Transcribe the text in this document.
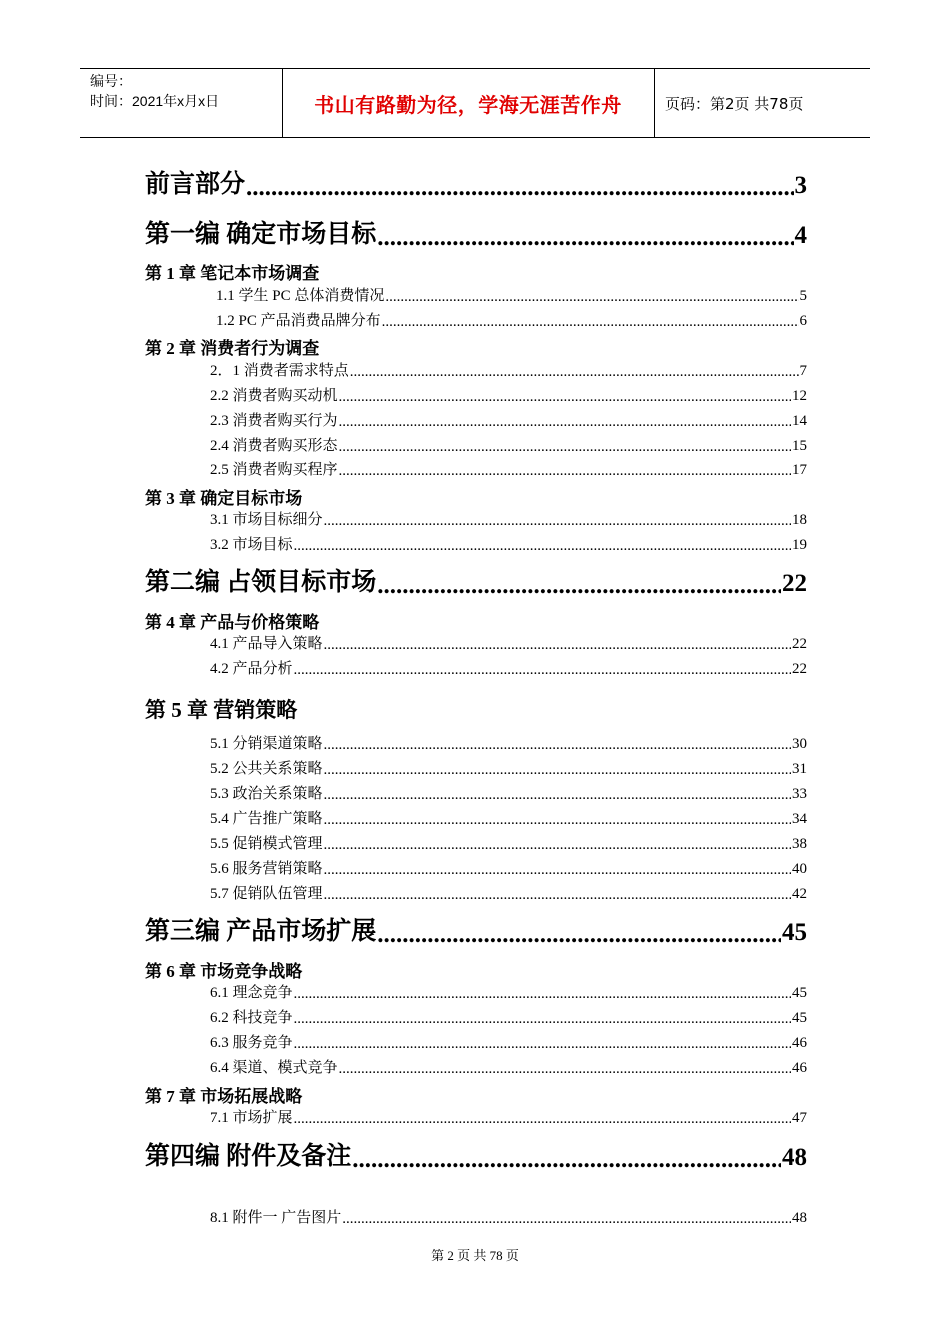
编号：
时间：2021年x月x日	书山有路勤为径，学海无涯苦作舟	页码：第2页 共78页
前言部分 .....	3
第一编 确定市场目标 .....	4
第 1 章 笔记本市场调查
1.1 学生 PC 总体消费情况 .....	5
1.2 PC 产品消费品牌分布 .....	6
第 2 章 消费者行为调查
2．1 消费者需求特点 .....	7
2.2 消费者购买动机 .....	12
2.3 消费者购买行为 .....	14
2.4 消费者购买形态 .....	15
2.5 消费者购买程序 .....	17
第 3 章 确定目标市场
3.1 市场目标细分 .....	18
3.2 市场目标 .....	19
第二编 占领目标市场 .....	22
第 4 章 产品与价格策略
4.1 产品导入策略 .....	22
4.2 产品分析 .....	22
第 5 章 营销策略
5.1 分销渠道策略 .....	30
5.2 公共关系策略 .....	31
5.3 政治关系策略 .....	33
5.4 广告推广策略 .....	34
5.5 促销模式管理 .....	38
5.6 服务营销策略 .....	40
5.7 促销队伍管理 .....	42
第三编 产品市场扩展 .....	45
第 6 章 市场竞争战略
6.1 理念竞争 .....	45
6.2 科技竞争 .....	45
6.3 服务竞争 .....	46
6.4 渠道、模式竞争 .....	46
第 7 章 市场拓展战略
7.1 市场扩展 .....	47
第四编 附件及备注 .....	48
8.1 附件一 广告图片 .....	48
第 2 页 共 78 页
